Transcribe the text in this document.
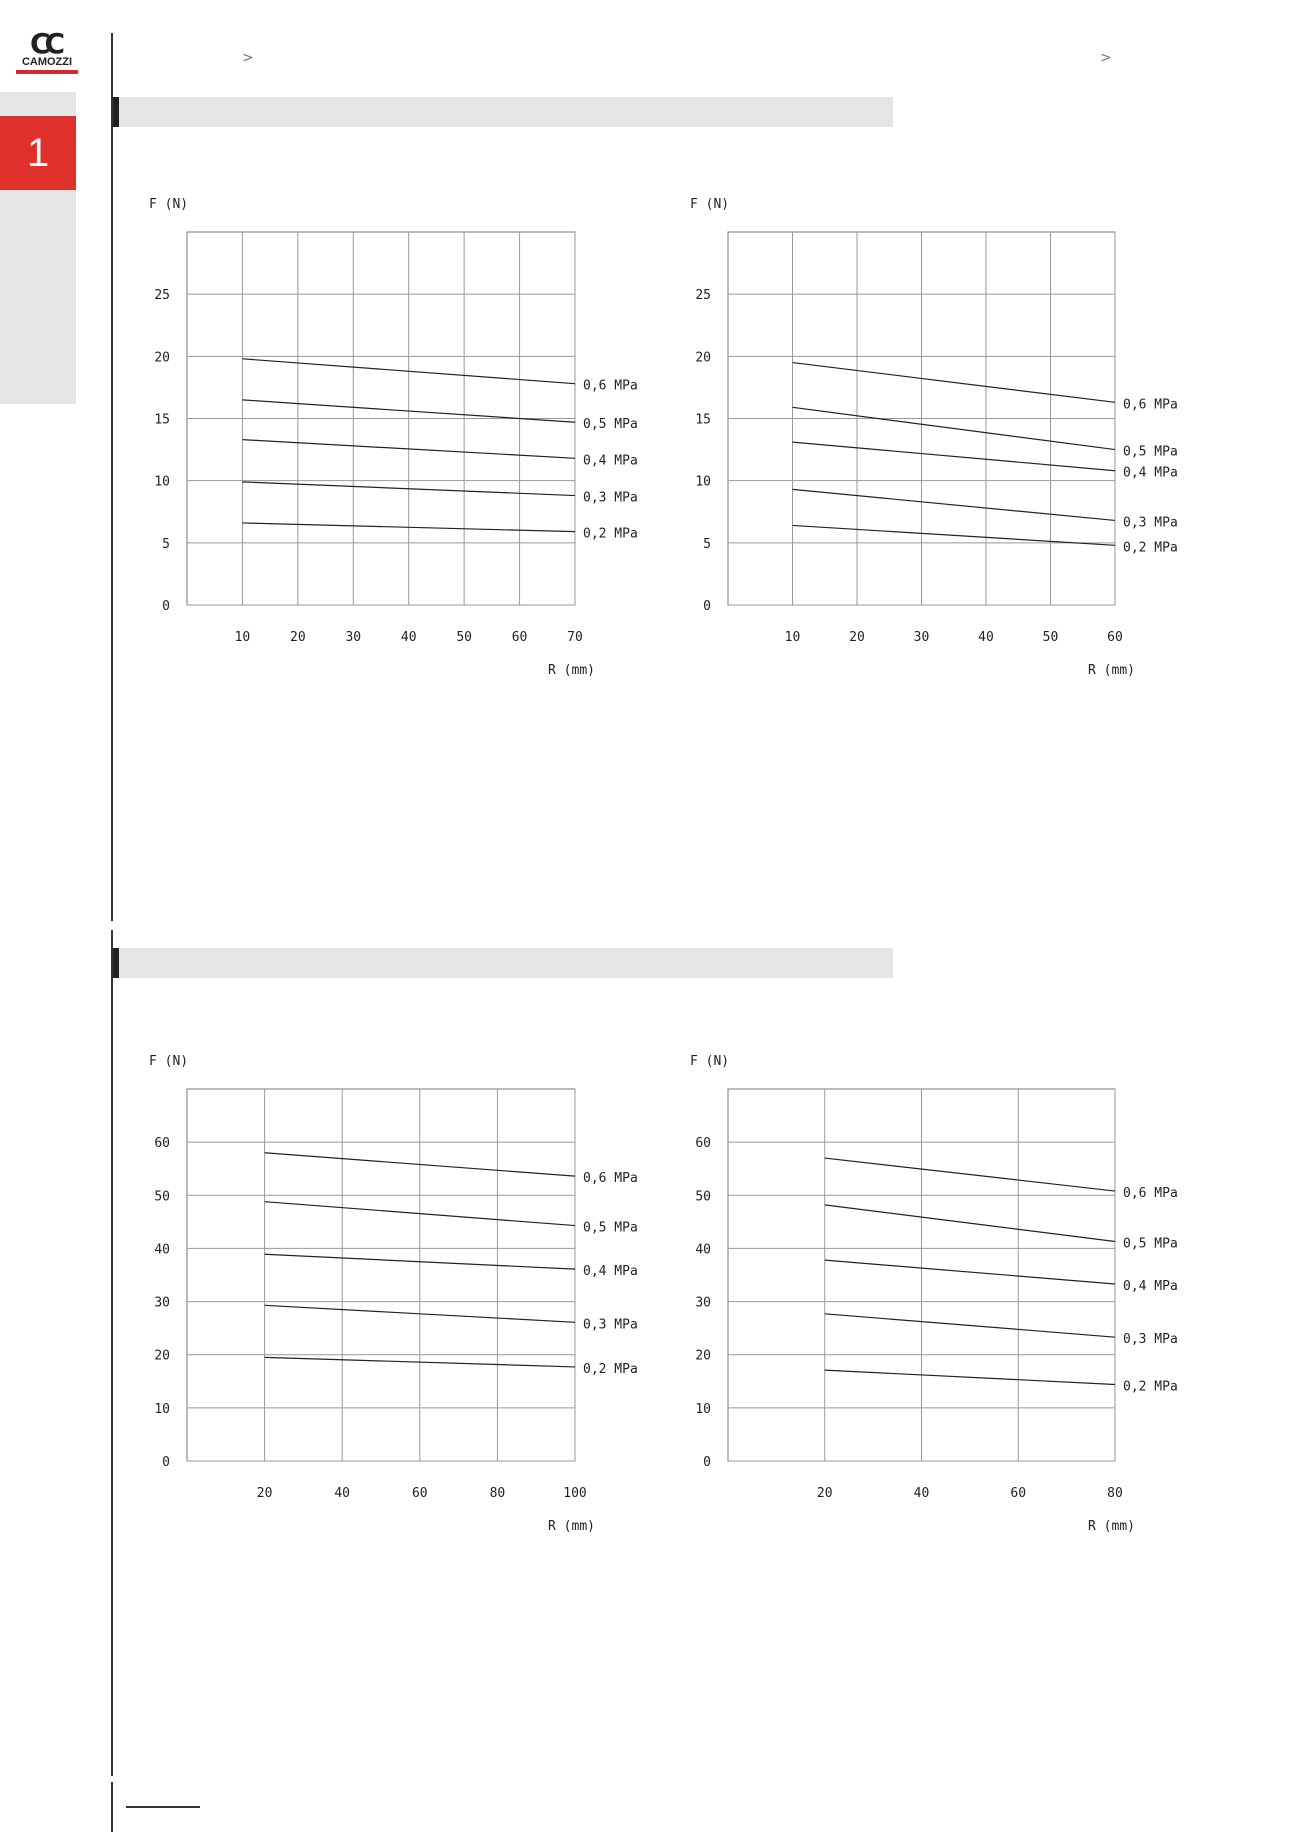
CC
CAMOZZI
1
>	>
10	20	30	40	50	60	70
0
5
10
15
20
25
F (N)
R (mm)
0,6 MPa
0,5 MPa
0,4 MPa
0,3 MPa
0,2 MPa
10	20	30	40	50	60
0
5
10
15
20
25
F (N)
R (mm)
0,6 MPa
0,5 MPa
0,4 MPa
0,3 MPa
0,2 MPa
20	40	60	80	100
0
10
20
30
40
50
60
F (N)
R (mm)
0,6 MPa
0,5 MPa
0,4 MPa
0,3 MPa
0,2 MPa
20	40	60	80
0
10
20
30
40
50
60
F (N)
R (mm)
0,6 MPa
0,5 MPa
0,4 MPa
0,3 MPa
0,2 MPa
